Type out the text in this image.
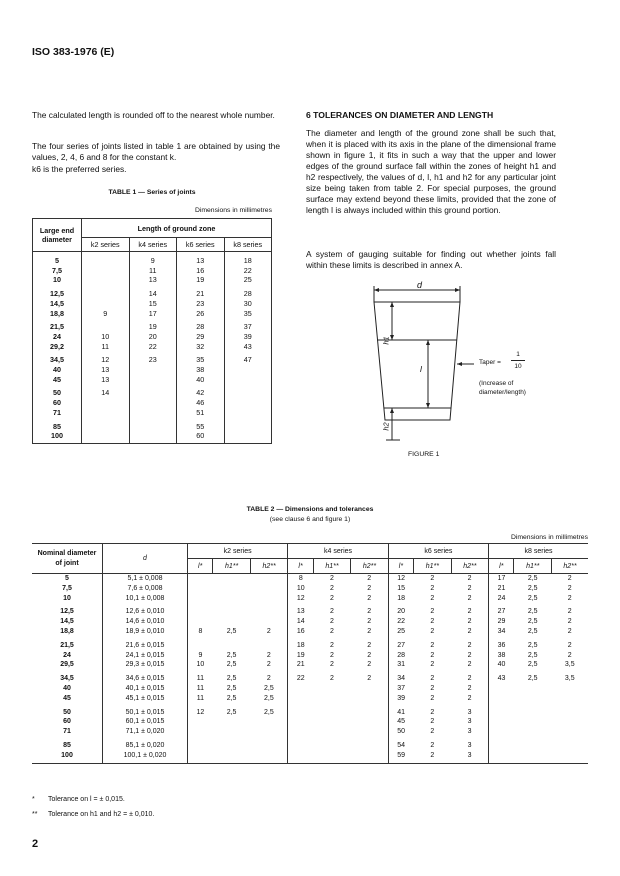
ISO 383-1976 (E)
The calculated length is rounded off to the nearest whole number.
The four series of joints listed in table 1 are obtained by using the values, 2, 4, 6 and 8 for the constant k.
k6 is the preferred series.
TABLE 1 — Series of joints
Dimensions in millimetres
Large end diameter	Length of ground zone			
	k2 series	k4 series	k6 series	k8 series
5		9	13	18
7,5		11	16	22
10		13	19	25
12,5		14	21	28
14,5		15	23	30
18,8	9	17	26	35
21,5		19	28	37
24	10	20	29	39
29,2	11	22	32	43
34,5	12	23	35	47
40	13		38	
45	13		40	
50	14		42	
60			46	
71			51	
85			55	
100			60	
6 TOLERANCES ON DIAMETER AND LENGTH
The diameter and length of the ground zone shall be such that, when it is placed with its axis in the plane of the dimensional frame shown in figure 1, it fits in such a way that the upper and lower edges of the ground surface fall within the zones of height h1 and h2 respectively, the values of d, l, h1 and h2 for any particular joint size being taken from table 2. For special purposes, the ground surface may extend beyond these limits, provided that the zone of length l is always included within this ground portion.
A system of gauging suitable for finding out whether joints fall within these limits is described in annex A.
d
h1
l
h2
Taper =
1
10
(Increase of
diameter/length)
FIGURE 1
TABLE 2 — Dimensions and tolerances
(see clause 6 and figure 1)
Dimensions in millimetres
Nominal diameter of joint	d	k2 series			k4 series			k6 series			k8 series		
		l*	h1**	h2**	l*	h1**	h2**	l*	h1**	h2**	l*	h1**	h2**
5	5,1 ± 0,008				8	2	2	12	2	2	17	2,5	2
7,5	7,6 ± 0,008				10	2	2	15	2	2	21	2,5	2
10	10,1 ± 0,008				12	2	2	18	2	2	24	2,5	2
12,5	12,6 ± 0,010				13	2	2	20	2	2	27	2,5	2
14,5	14,6 ± 0,010				14	2	2	22	2	2	29	2,5	2
18,8	18,9 ± 0,010	8	2,5	2	16	2	2	25	2	2	34	2,5	2
21,5	21,6 ± 0,015				18	2	2	27	2	2	36	2,5	2
24	24,1 ± 0,015	9	2,5	2	19	2	2	28	2	2	38	2,5	2
29,5	29,3 ± 0,015	10	2,5	2	21	2	2	31	2	2	40	2,5	3,5
34,5	34,6 ± 0,015	11	2,5	2	22	2	2	34	2	2	43	2,5	3,5
40	40,1 ± 0,015	11	2,5	2,5				37	2	2			
45	45,1 ± 0,015	11	2,5	2,5				39	2	2			
50	50,1 ± 0,015	12	2,5	2,5				41	2	3			
60	60,1 ± 0,015							45	2	3			
71	71,1 ± 0,020							50	2	3			
85	85,1 ± 0,020							54	2	3			
100	100,1 ± 0,020							59	2	3			
* Tolerance on l = ± 0,015.
** Tolerance on h1 and h2 = ± 0,010.
2
